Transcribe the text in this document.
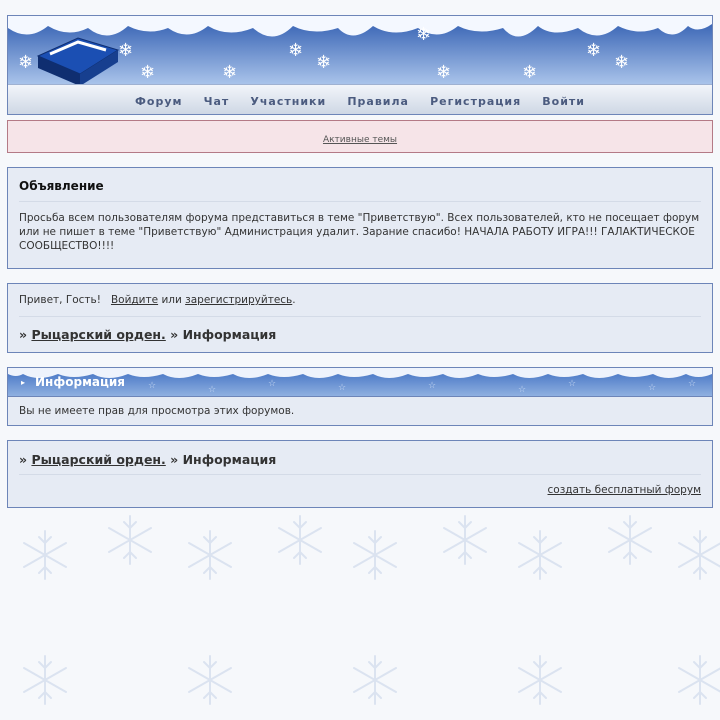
❄
❄
❄	❄
❄
❄
❄
❄	❄
❄
❄
Форум Чат Участники Правила Регистрация Войти
Активные темы
Объявление

Просьба всем пользователям форума представиться в теме "Приветствую". Всех пользователей, кто не посещает форум или не пишет в теме "Приветствую" Администрация удалит. Зарание спасибо! НАЧАЛА РАБОТУ ИГРА!!! ГАЛАКТИЧЕСКОЕ СООБЩЕСТВО!!!!

Привет, Гость! Войдите или зарегистрируйтесь.
» Рыцарский орден. » Информация
☆	☆
☆	☆	☆	☆
☆	☆	☆
▸ Информация
Вы не имеете прав для просмотра этих форумов.
» Рыцарский орден. » Информация
создать бесплатный форум
